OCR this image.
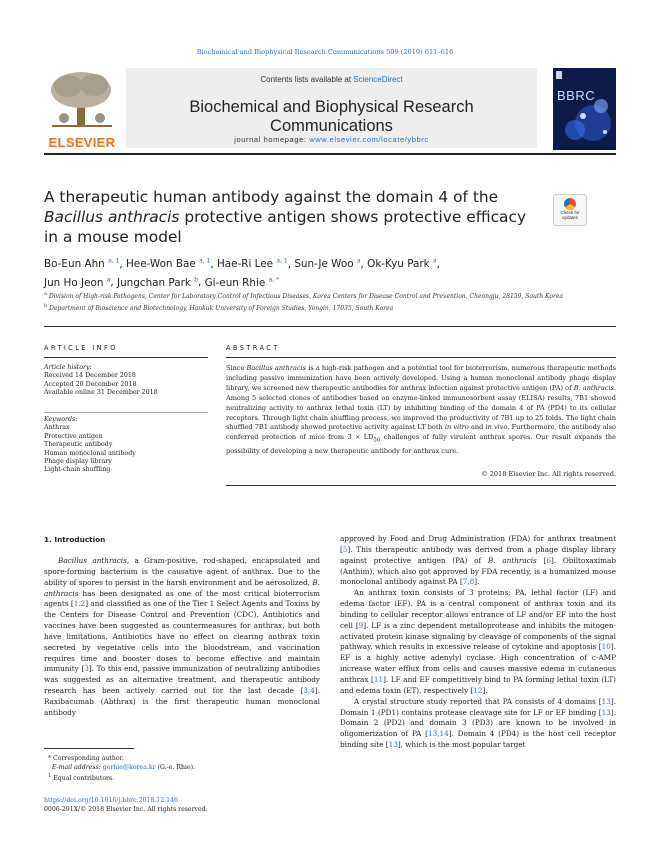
Biochemical and Biophysical Research Communications 509 (2019) 611–616
ELSEVIER
Contents lists available at ScienceDirect
Biochemical and Biophysical Research Communications
journal homepage: www.elsevier.com/locate/ybbrc
BBRC
A therapeutic human antibody against the domain 4 of the Bacillus anthracis protective antigen shows protective efficacy in a mouse model
Check for updates
Bo-Eun Ahn $^{a, 1}$, Hee-Won Bae $^{a, 1}$, Hae-Ri Lee $^{a, 1}$, Sun-Je Woo $^a$, Ok-Kyu Park $^a$,
Jun Ho Jeon $^a$, Jungchan Park $^b$, Gi-eun Rhie $^{a, *}$
$^a$ Division of High-risk Pathogens, Center for Laboratory Control of Infectious Diseases, Korea Centers for Disease Control and Prevention, Cheongju, 28159, South Korea
$^b$ Department of Bioscience and Biotechnology, Hankuk University of Foreign Studies, Yongin, 17035, South Korea
ARTICLE INFO	ABSTRACT
Article history:
Received 14 December 2018
Accepted 20 December 2018
Available online 31 December 2018
Keywords:
Anthrax
Protective antigen
Therapeutic antibody
Human monoclonal antibody
Phage display library
Light-chain shuffling
Since Bacillus anthracis is a high-risk pathogen and a potential tool for bioterrorism, numerous therapeutic methods including passive immunization have been actively developed. Using a human monoclonal antibody phage display library, we screened new therapeutic antibodies for anthrax infection against protective antigen (PA) of B. anthracis. Among 5 selected clones of antibodies based on enzyme-linked immunosorbent assay (ELISA) results, 7B1 showed neutralizing activity to anthrax lethal toxin (LT) by inhibiting binding of the domain 4 of PA (PD4) to its cellular receptors. Through light chain shuffling process, we improved the productivity of 7B1 up to 25 folds. The light chain shuffled 7B1 antibody showed protective activity against LT both in vitro and in vivo. Furthermore, the antibody also conferred protection of mice from $3 \times LD_{50}$ challenges of fully virulent anthrax spores. Our result expands the possibility of developing a new therapeutic antibody for anthrax cure.
© 2018 Elsevier Inc. All rights reserved.
1. Introduction

Bacillus anthracis, a Gram-positive, rod-shaped, encapsulated and spore-forming bacterium is the causative agent of anthrax. Due to the ability of spores to persist in the harsh environment and be aerosolized, B. anthracis has been designated as one of the most critical bioterrorism agents [1,2] and classified as one of the Tier 1 Select Agents and Toxins by the Centers for Disease Control and Prevention (CDC). Antibiotics and vaccines have been suggested as countermeasures for anthrax, but both have limitations. Antibiotics have no effect on clearing anthrax toxin secreted by vegetative cells into the bloodstream, and vaccination requires time and booster doses to become effective and maintain immunity [3]. To this end, passive immunization of neutralizing antibodies was suggested as an alternative treatment, and therapeutic antibody research has been actively carried out for the last decade [3,4]. Raxibacumab (Abthrax) is the first therapeutic human monoclonal antibody

approved by Food and Drug Administration (FDA) for anthrax treatment [5]. This therapeutic antibody was derived from a phage display library against protective antigen (PA) of B. anthracis [6]. Obiltoxaximab (Anthim), which also got approved by FDA recently, is a humanized mouse monoclonal antibody against PA [7,8].

An anthrax toxin consists of 3 proteins; PA, lethal factor (LF) and edema factor (EF). PA is a central component of anthrax toxin and its binding to cellular receptor allows entrance of LF and/or EF into the host cell [9]. LF is a zinc dependent metalloprotease and inhibits the mitogen-activated protein kinase signaling by cleavage of components of the signal pathway, which results in excessive release of cytokine and apoptosis [10]. EF is a highly active adenylyl cyclase. High concentration of c-AMP increase water efflux from cells and causes massive edema in cutaneous anthrax [11]. LF and EF competitively bind to PA forming lethal toxin (LT) and edema toxin (ET), respectively [12].

A crystal structure study reported that PA consists of 4 domains [13]. Domain 1 (PD1) contains protease cleavage site for LF or EF binding [13]. Domain 2 (PD2) and domain 3 (PD3) are known to be involved in oligomerization of PA [13,14]. Domain 4 (PD4) is the host cell receptor binding site [13], which is the most popular target

* Corresponding author.
E-mail address: gerhie@korea.kr (G.-e. Rhie).
$^1$ Equal contributors.
https://doi.org/10.1016/j.bbrc.2018.12.146
0006-291X/© 2018 Elsevier Inc. All rights reserved.
